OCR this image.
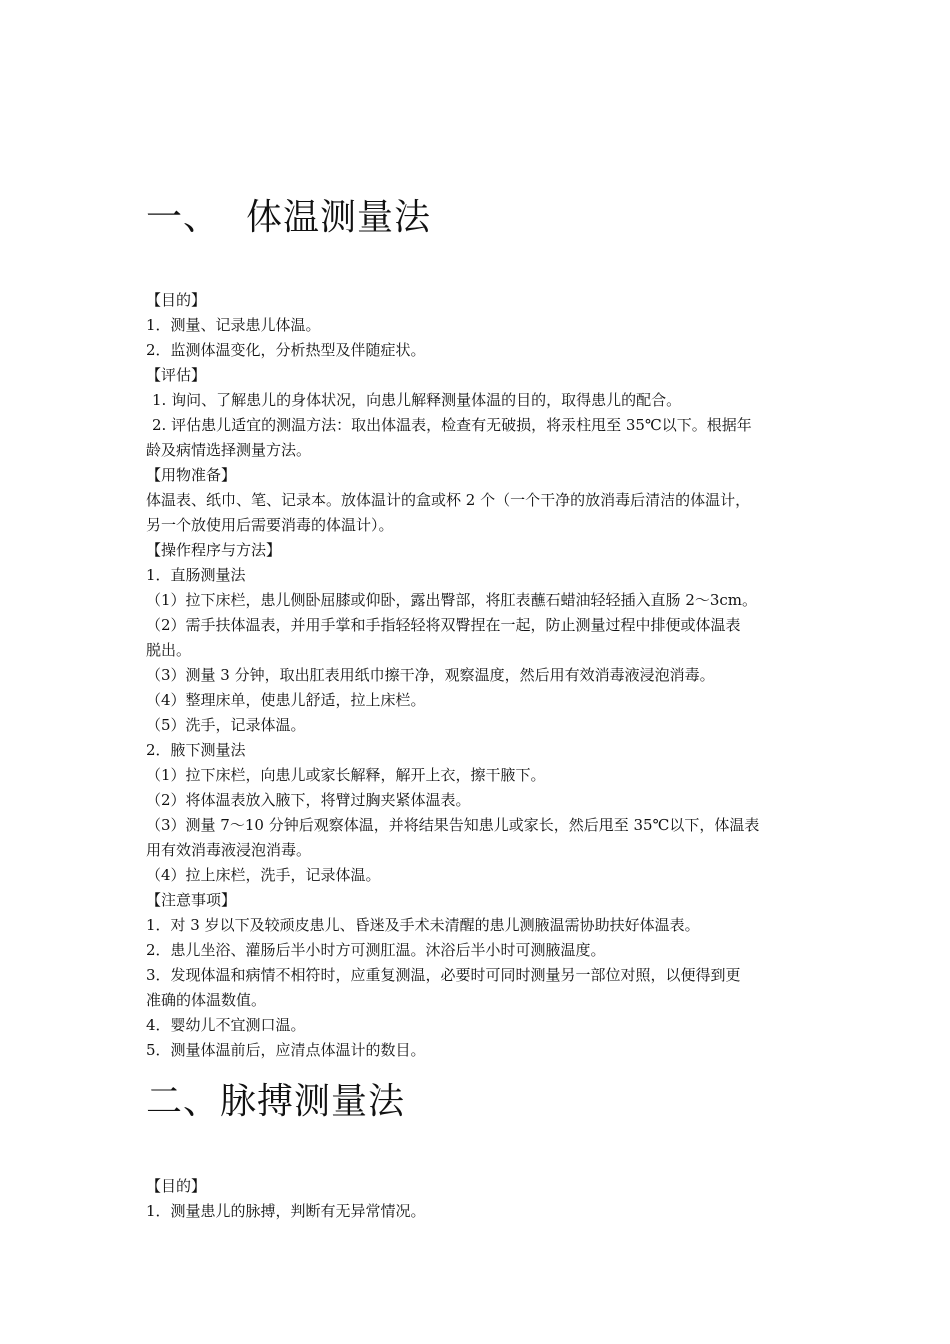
一、 体温测量法
【目的】
1．测量、记录患儿体温。
2．监测体温变化，分析热型及伴随症状。
【评估】
1. 询问、了解患儿的身体状况，向患儿解释测量体温的目的，取得患儿的配合。
2. 评估患儿适宜的测温方法：取出体温表，检查有无破损，将汞柱甩至 35℃以下。根据年
龄及病情选择测量方法。
【用物准备】
体温表、纸巾、笔、记录本。放体温计的盒或杯 2 个（一个干净的放消毒后清洁的体温计，
另一个放使用后需要消毒的体温计）。
【操作程序与方法】
1．直肠测量法
（1）拉下床栏，患儿侧卧屈膝或仰卧，露出臀部，将肛表蘸石蜡油轻轻插入直肠 2～3cm。
（2）需手扶体温表，并用手掌和手指轻轻将双臀捏在一起，防止测量过程中排便或体温表
脱出。
（3）测量 3 分钟，取出肛表用纸巾擦干净，观察温度，然后用有效消毒液浸泡消毒。
（4）整理床单，使患儿舒适，拉上床栏。
（5）洗手，记录体温。
2．腋下测量法
（1）拉下床栏，向患儿或家长解释，解开上衣，擦干腋下。
（2）将体温表放入腋下，将臂过胸夹紧体温表。
（3）测量 7～10 分钟后观察体温，并将结果告知患儿或家长，然后甩至 35℃以下，体温表
用有效消毒液浸泡消毒。
（4）拉上床栏，洗手，记录体温。
【注意事项】
1．对 3 岁以下及较顽皮患儿、昏迷及手术未清醒的患儿测腋温需协助扶好体温表。
2．患儿坐浴、灌肠后半小时方可测肛温。沐浴后半小时可测腋温度。
3．发现体温和病情不相符时，应重复测温，必要时可同时测量另一部位对照，以便得到更
准确的体温数值。
4．婴幼儿不宜测口温。
5．测量体温前后，应清点体温计的数目。
二、脉搏测量法
【目的】
1．测量患儿的脉搏，判断有无异常情况。
